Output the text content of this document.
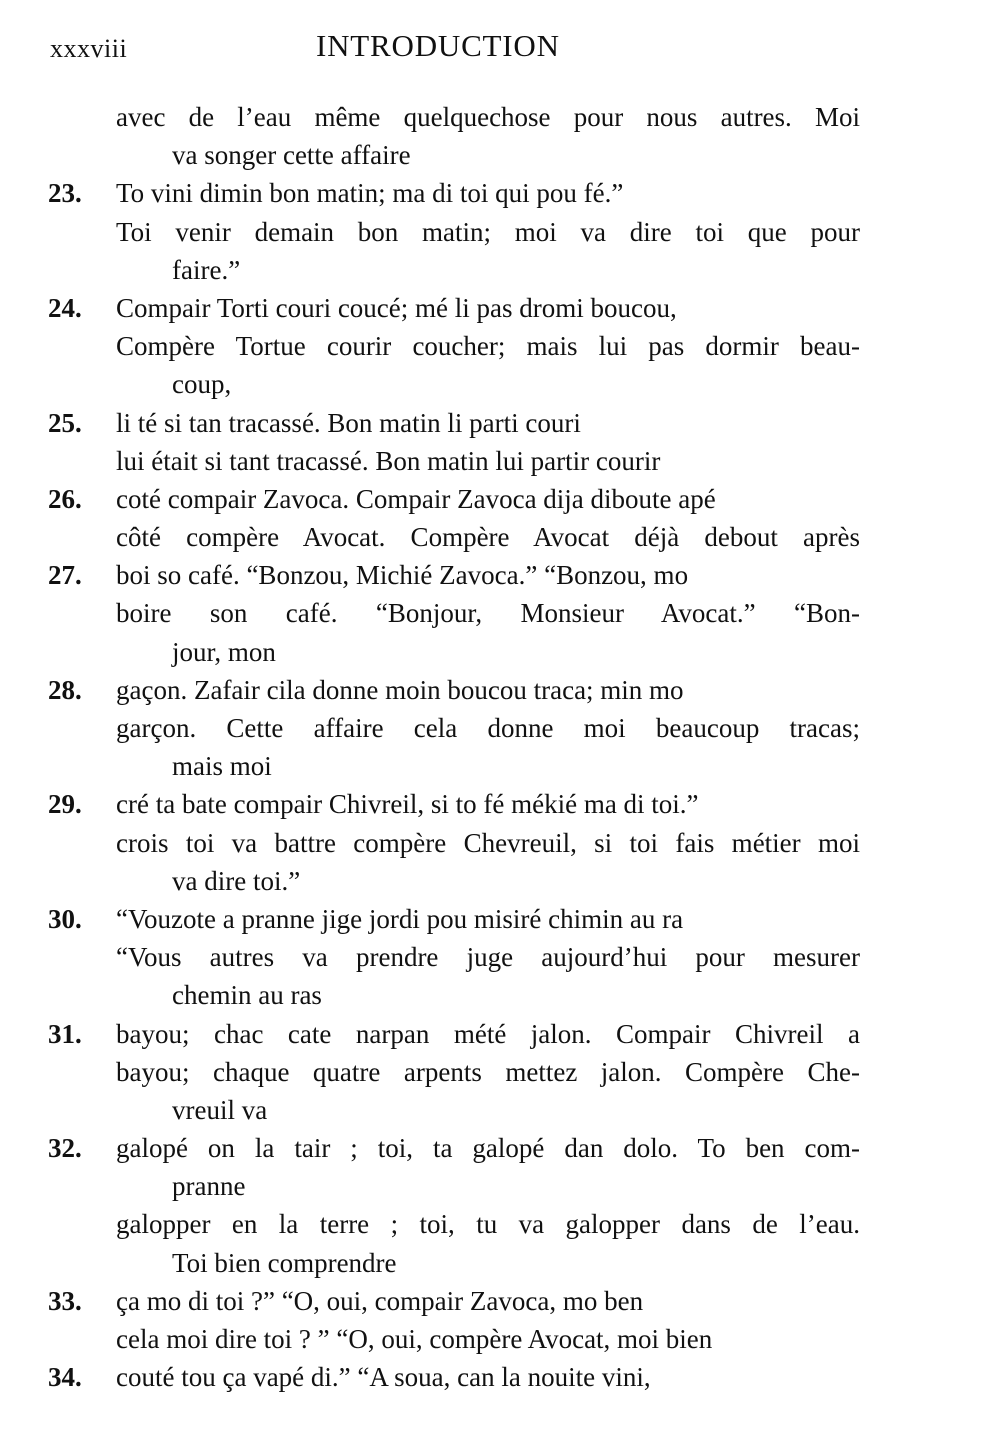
xxxviii	INTRODUCTION
avec de l’eau même quelquechose pour nous autres. Moi
va songer cette affaire
23. To vini dimin bon matin; ma di toi qui pou fé.”
Toi venir demain bon matin; moi va dire toi que pour
faire.”
24. Compair Torti couri coucé; mé li pas dromi boucou,
Compère Tortue courir coucher; mais lui pas dormir beau-
coup,
25. li té si tan tracassé. Bon matin li parti couri
lui était si tant tracassé. Bon matin lui partir courir
26. coté compair Zavoca. Compair Zavoca dija diboute apé
côté compère Avocat. Compère Avocat déjà debout après
27. boi so café. “Bonzou, Michié Zavoca.” “Bonzou, mo
boire son café. “Bonjour, Monsieur Avocat.” “Bon-
jour, mon
28. gaçon. Zafair cila donne moin boucou traca; min mo
garçon. Cette affaire cela donne moi beaucoup tracas;
mais moi
29. cré ta bate compair Chivreil, si to fé mékié ma di toi.”
crois toi va battre compère Chevreuil, si toi fais métier moi
va dire toi.”
30. “Vouzote a pranne jige jordi pou misiré chimin au ra
“Vous autres va prendre juge aujourd’hui pour mesurer
chemin au ras
31. bayou; chac cate narpan mété jalon. Compair Chivreil a
bayou; chaque quatre arpents mettez jalon. Compère Che-
vreuil va
32. galopé on la tair ; toi, ta galopé dan dolo. To ben com-
pranne
galopper en la terre ; toi, tu va galopper dans de l’eau.
Toi bien comprendre
33. ça mo di toi ?” “O, oui, compair Zavoca, mo ben
cela moi dire toi ? ” “O, oui, compère Avocat, moi bien
34. couté tou ça vapé di.” “A soua, can la nouite vini,
